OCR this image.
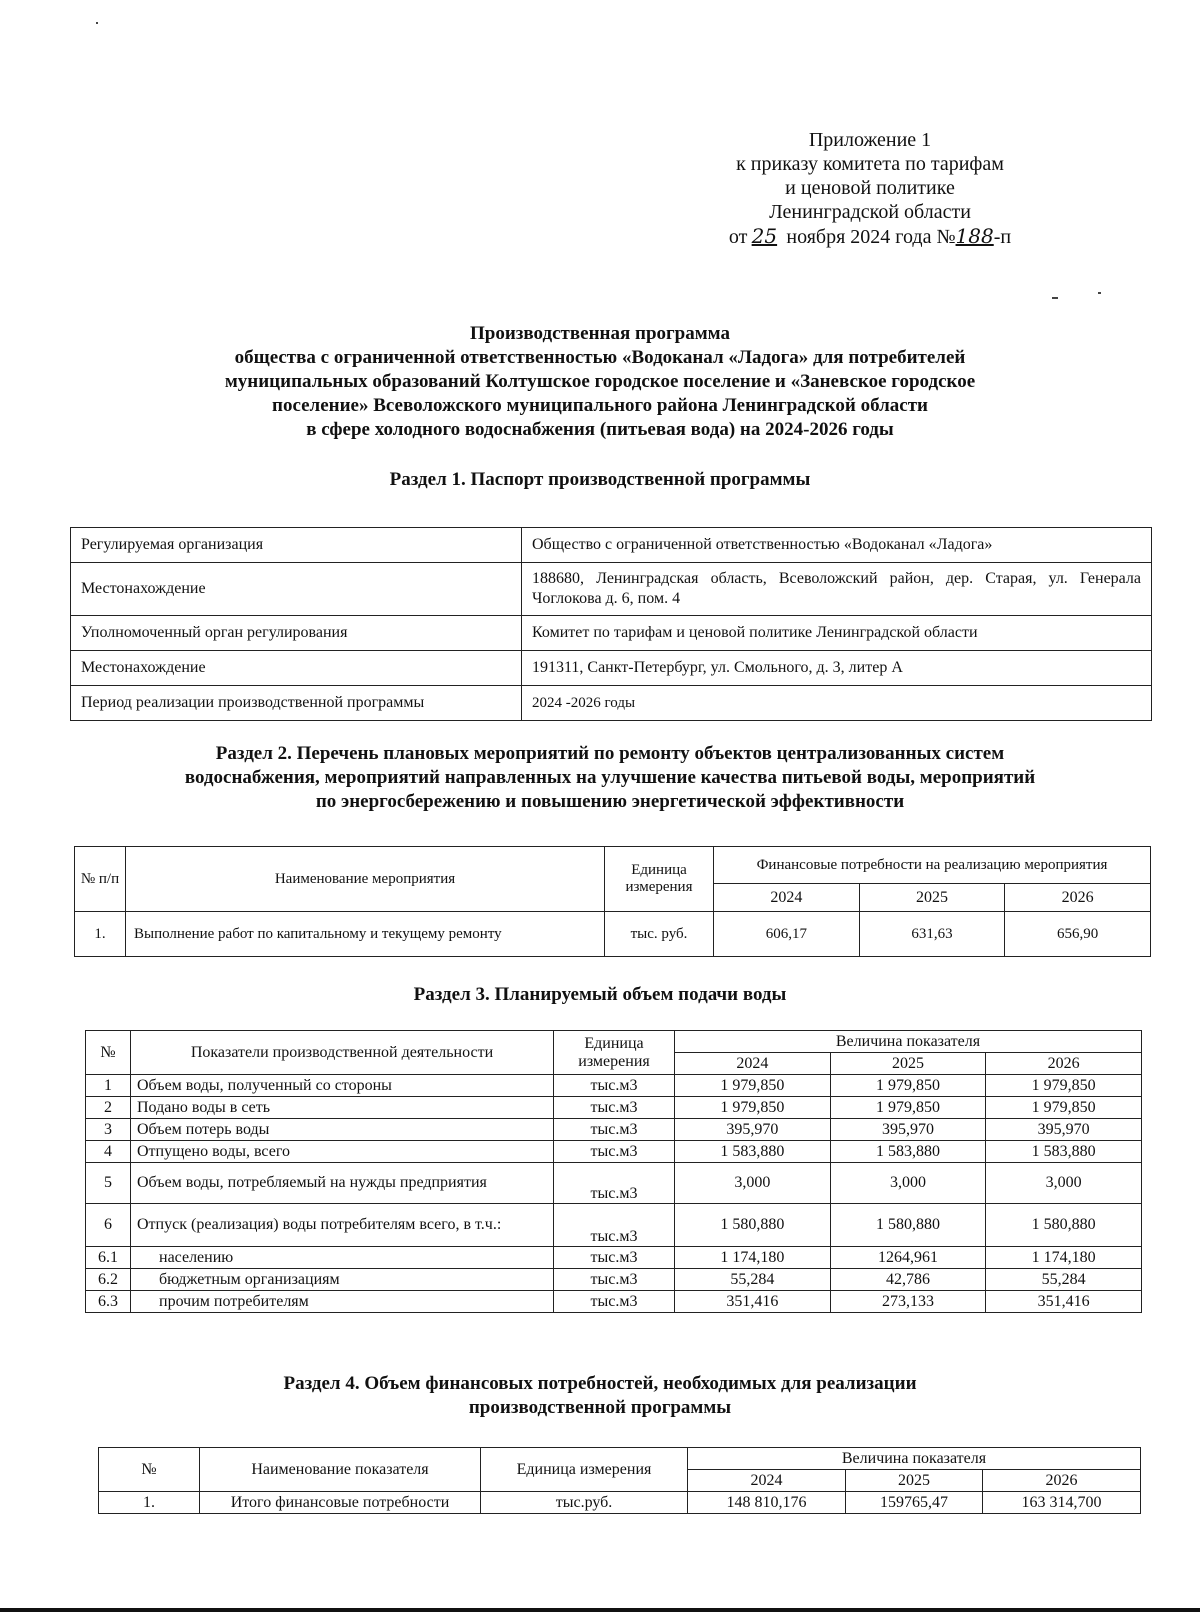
Приложение 1
к приказу комитета по тарифам
и ценовой политике
Ленинградской области
от 25 ноября 2024 года №188-п
Производственная программа
общества с ограниченной ответственностью «Водоканал «Ладога» для потребителей
муниципальных образований Колтушское городское поселение и «Заневское городское
поселение» Всеволожского муниципального района Ленинградской области
в сфере холодного водоснабжения (питьевая вода) на 2024-2026 годы
Раздел 1. Паспорт производственной программы
Регулируемая организация	Общество с ограниченной ответственностью «Водоканал «Ладога»
Местонахождение	188680, Ленинградская область, Всеволожский район, дер. Старая, ул. Генерала Чоглокова д. 6, пом. 4
Уполномоченный орган регулирования	Комитет по тарифам и ценовой политике Ленинградской области
Местонахождение	191311, Санкт-Петербург, ул. Смольного, д. 3, литер А
Период реализации производственной программы	2024 -2026 годы
Раздел 2. Перечень плановых мероприятий по ремонту объектов централизованных систем
водоснабжения, мероприятий направленных на улучшение качества питьевой воды, мероприятий
по энергосбережению и повышению энергетической эффективности
№ п/п	Наименование мероприятия	Единица измерения	Финансовые потребности на реализацию мероприятия		
			2024	2025	2026
1.	Выполнение работ по капитальному и текущему ремонту	тыс. руб.	606,17	631,63	656,90
Раздел 3. Планируемый объем подачи воды
№	Показатели производственной деятельности	Единица измерения	Величина показателя		
			2024	2025	2026
1	Объем воды, полученный со стороны	тыс.м3	1 979,850	1 979,850	1 979,850
2	Подано воды в сеть	тыс.м3	1 979,850	1 979,850	1 979,850
3	Объем потерь воды	тыс.м3	395,970	395,970	395,970
4	Отпущено воды, всего	тыс.м3	1 583,880	1 583,880	1 583,880
5	Объем воды, потребляемый на нужды предприятия	тыс.м3	3,000	3,000	3,000
6	Отпуск (реализация) воды потребителям всего, в т.ч.:	тыс.м3	1 580,880	1 580,880	1 580,880
6.1	населению	тыс.м3	1 174,180	1264,961	1 174,180
6.2	бюджетным организациям	тыс.м3	55,284	42,786	55,284
6.3	прочим потребителям	тыс.м3	351,416	273,133	351,416
Раздел 4. Объем финансовых потребностей, необходимых для реализации
производственной программы
№	Наименование показателя	Единица измерения	Величина показателя		
			2024	2025	2026
1.	Итого финансовые потребности	тыс.руб.	148 810,176	159765,47	163 314,700
